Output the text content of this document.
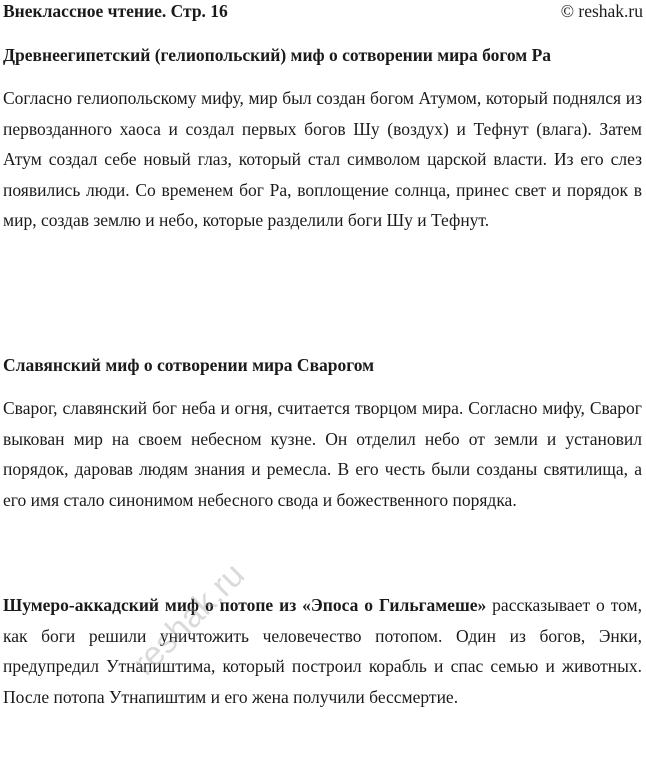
Внеклассное чтение. Стр. 16	© reshak.ru
Древнеегипетский (гелиопольский) миф о сотворении мира богом Ра

Согласно гелиопольскому мифу, мир был создан богом Атумом, который поднялся из первозданного хаоса и создал первых богов Шу (воздух) и Тефнут (влага). Затем Атум создал себе новый глаз, который стал символом царской власти. Из его слез появились люди. Со временем бог Ра, воплощение солнца, принес свет и порядок в мир, создав землю и небо, которые разделили боги Шу и Тефнут.

Славянский миф о сотворении мира Сварогом

Сварог, славянский бог неба и огня, считается творцом мира. Согласно мифу, Сварог выкован мир на своем небесном кузне. Он отделил небо от земли и установил порядок, даровав людям знания и ремесла. В его честь были созданы святилища, а его имя стало синонимом небесного свода и божественного порядка.

Шумеро-аккадский миф о потопе из «Эпоса о Гильгамеше» рассказывает о том, как боги решили уничтожить человечество потопом. Один из богов, Энки, предупредил Утнапиштима, который построил корабль и спас семью и животных. После потопа Утнапиштим и его жена получили бессмертие.

reshak.ru
